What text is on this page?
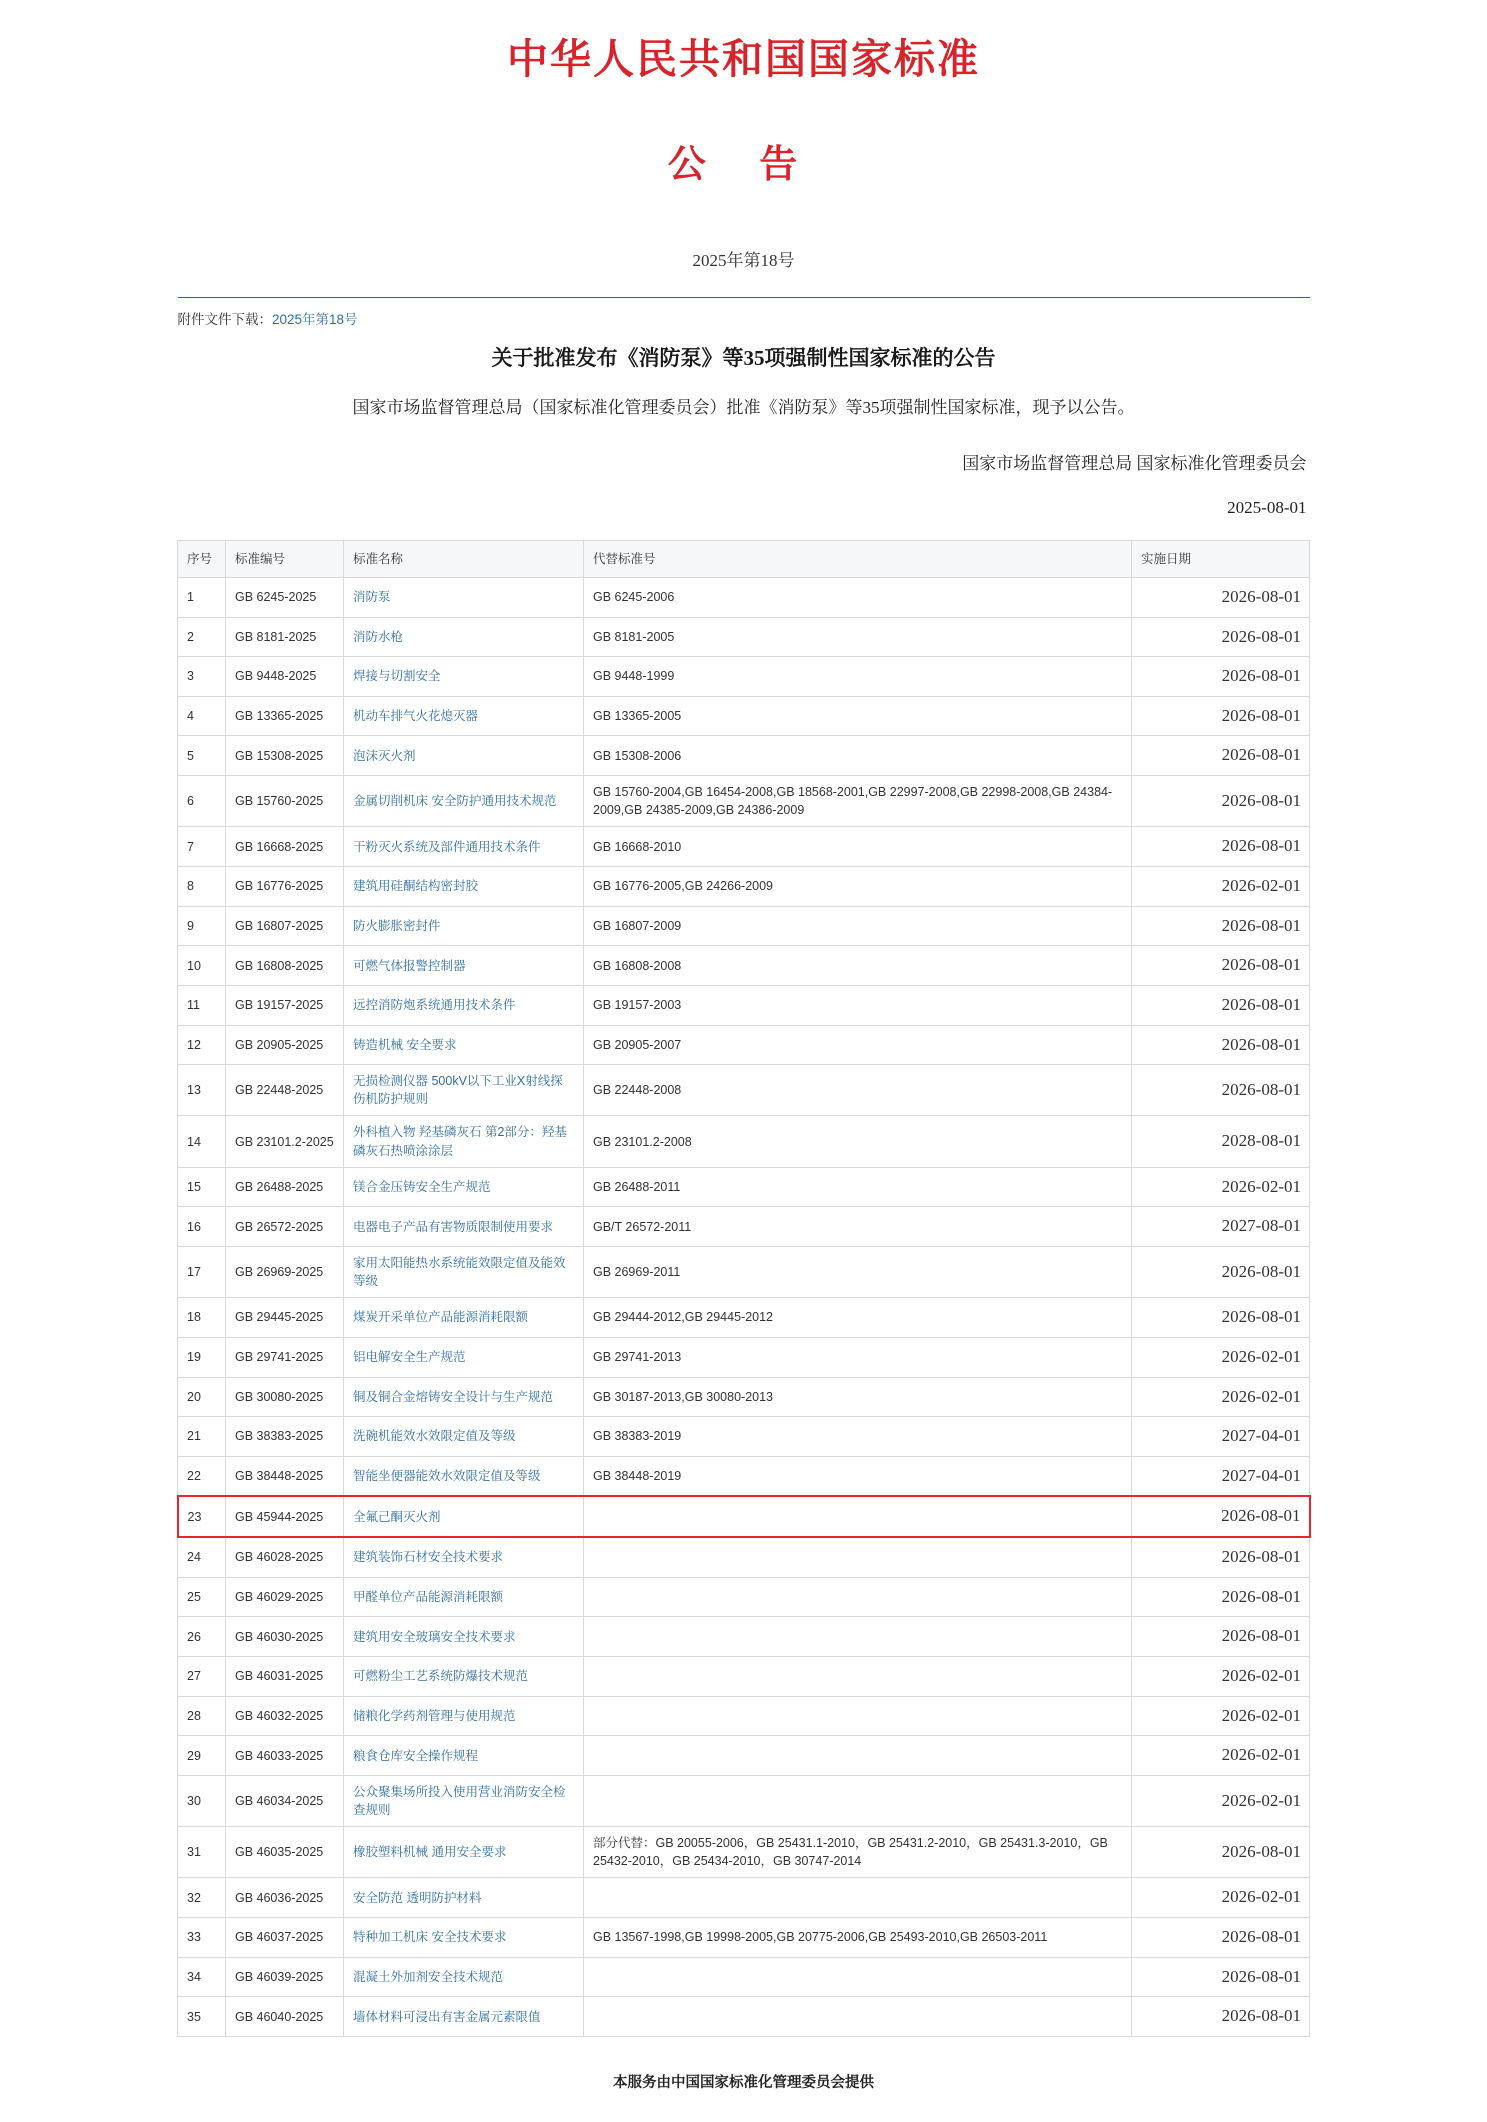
中华人民共和国国家标准
公 告
2025年第18号
附件文件下载：2025年第18号
关于批准发布《消防泵》等35项强制性国家标准的公告
国家市场监督管理总局（国家标准化管理委员会）批准《消防泵》等35项强制性国家标准，现予以公告。
国家市场监督管理总局 国家标准化管理委员会
2025-08-01
序号	标准编号	标准名称	代替标准号	实施日期
1	GB 6245-2025	消防泵	GB 6245-2006	2026-08-01
2	GB 8181-2025	消防水枪	GB 8181-2005	2026-08-01
3	GB 9448-2025	焊接与切割安全	GB 9448-1999	2026-08-01
4	GB 13365-2025	机动车排气火花熄灭器	GB 13365-2005	2026-08-01
5	GB 15308-2025	泡沫灭火剂	GB 15308-2006	2026-08-01
6	GB 15760-2025	金属切削机床 安全防护通用技术规范	GB 15760-2004,GB 16454-2008,GB 18568-2001,GB 22997-2008,GB 22998-2008,GB 24384-2009,GB 24385-2009,GB 24386-2009	2026-08-01
7	GB 16668-2025	干粉灭火系统及部件通用技术条件	GB 16668-2010	2026-08-01
8	GB 16776-2025	建筑用硅酮结构密封胶	GB 16776-2005,GB 24266-2009	2026-02-01
9	GB 16807-2025	防火膨胀密封件	GB 16807-2009	2026-08-01
10	GB 16808-2025	可燃气体报警控制器	GB 16808-2008	2026-08-01
11	GB 19157-2025	远控消防炮系统通用技术条件	GB 19157-2003	2026-08-01
12	GB 20905-2025	铸造机械 安全要求	GB 20905-2007	2026-08-01
13	GB 22448-2025	无损检测仪器 500kV以下工业X射线探伤机防护规则	GB 22448-2008	2026-08-01
14	GB 23101.2-2025	外科植入物 羟基磷灰石 第2部分：羟基磷灰石热喷涂涂层	GB 23101.2-2008	2028-08-01
15	GB 26488-2025	镁合金压铸安全生产规范	GB 26488-2011	2026-02-01
16	GB 26572-2025	电器电子产品有害物质限制使用要求	GB/T 26572-2011	2027-08-01
17	GB 26969-2025	家用太阳能热水系统能效限定值及能效等级	GB 26969-2011	2026-08-01
18	GB 29445-2025	煤炭开采单位产品能源消耗限额	GB 29444-2012,GB 29445-2012	2026-08-01
19	GB 29741-2025	铝电解安全生产规范	GB 29741-2013	2026-02-01
20	GB 30080-2025	铜及铜合金熔铸安全设计与生产规范	GB 30187-2013,GB 30080-2013	2026-02-01
21	GB 38383-2025	洗碗机能效水效限定值及等级	GB 38383-2019	2027-04-01
22	GB 38448-2025	智能坐便器能效水效限定值及等级	GB 38448-2019	2027-04-01
23	GB 45944-2025	全氟己酮灭火剂		2026-08-01
24	GB 46028-2025	建筑装饰石材安全技术要求		2026-08-01
25	GB 46029-2025	甲醛单位产品能源消耗限额		2026-08-01
26	GB 46030-2025	建筑用安全玻璃安全技术要求		2026-08-01
27	GB 46031-2025	可燃粉尘工艺系统防爆技术规范		2026-02-01
28	GB 46032-2025	储粮化学药剂管理与使用规范		2026-02-01
29	GB 46033-2025	粮食仓库安全操作规程		2026-02-01
30	GB 46034-2025	公众聚集场所投入使用营业消防安全检查规则		2026-02-01
31	GB 46035-2025	橡胶塑料机械 通用安全要求	部分代替：GB 20055-2006，GB 25431.1-2010，GB 25431.2-2010，GB 25431.3-2010，GB 25432-2010，GB 25434-2010，GB 30747-2014	2026-08-01
32	GB 46036-2025	安全防范 透明防护材料		2026-02-01
33	GB 46037-2025	特种加工机床 安全技术要求	GB 13567-1998,GB 19998-2005,GB 20775-2006,GB 25493-2010,GB 26503-2011	2026-08-01
34	GB 46039-2025	混凝土外加剂安全技术规范		2026-08-01
35	GB 46040-2025	墙体材料可浸出有害金属元素限值		2026-08-01
本服务由中国国家标准化管理委员会提供
